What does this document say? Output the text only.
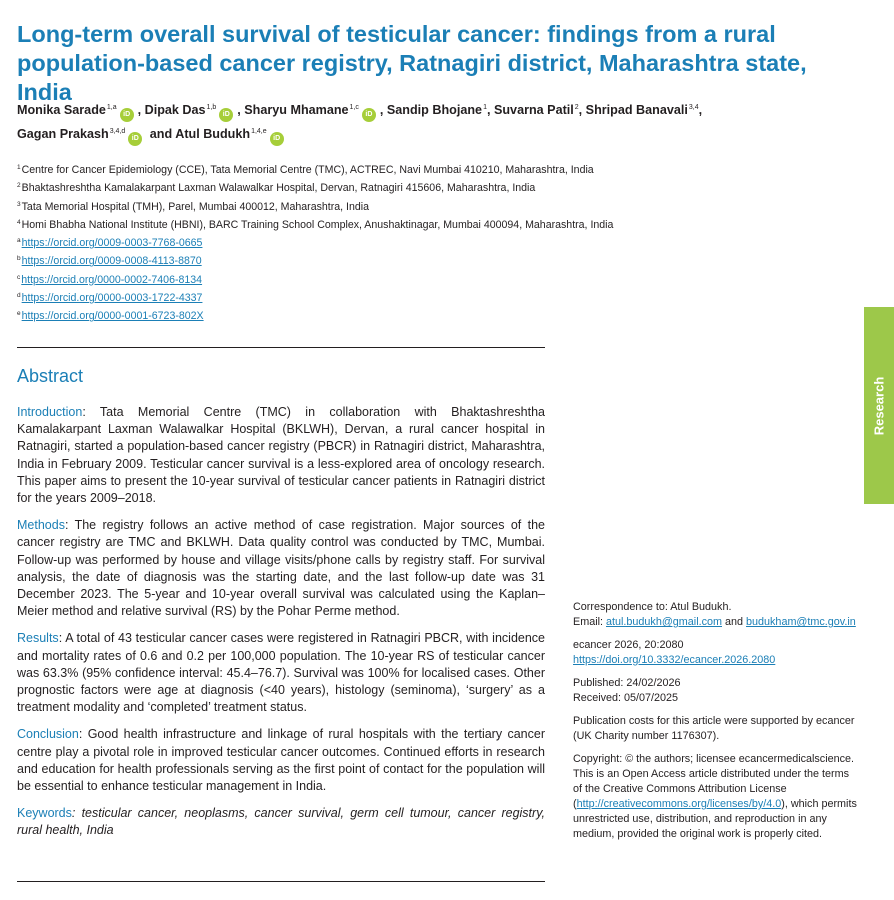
Long-term overall survival of testicular cancer: findings from a rural population-based cancer registry, Ratnagiri district, Maharashtra state, India
Monika Sarade$^{1,a}$iD , Dipak Das$^{1,b}$iD , Sharyu Mhamane$^{1,c}$iD , Sandip Bhojane$^1$, Suvarna Patil$^2$, Shripad Banavali$^{3,4}$, Gagan Prakash$^{3,4,d}$iD and Atul Budukh$^{1,4,e}$iD
$^1$Centre for Cancer Epidemiology (CCE), Tata Memorial Centre (TMC), ACTREC, Navi Mumbai 410210, Maharashtra, India
$^2$Bhaktashreshtha Kamalakarpant Laxman Walawalkar Hospital, Dervan, Ratnagiri 415606, Maharashtra, India
$^3$Tata Memorial Hospital (TMH), Parel, Mumbai 400012, Maharashtra, India
$^4$Homi Bhabha National Institute (HBNI), BARC Training School Complex, Anushaktinagar, Mumbai 400094, Maharashtra, India
$^a$https://orcid.org/0009-0003-7768-0665
$^b$https://orcid.org/0009-0008-4113-8870
$^c$https://orcid.org/0000-0002-7406-8134
$^d$https://orcid.org/0000-0003-1722-4337
$^e$https://orcid.org/0000-0001-6723-802X
Abstract

Introduction: Tata Memorial Centre (TMC) in collaboration with Bhaktashreshtha Kamalakarpant Laxman Walawalkar Hospital (BKLWH), Dervan, a rural cancer hospital in Ratnagiri, started a population-based cancer registry (PBCR) in Ratnagiri district, Maharashtra, India in February 2009. Testicular cancer survival is a less-explored area of oncology research. This paper aims to present the 10-year survival of testicular cancer patients in Ratnagiri district for the years 2009–2018.

Methods: The registry follows an active method of case registration. Major sources of the cancer registry are TMC and BKLWH. Data quality control was conducted by TMC, Mumbai. Follow-up was performed by house and village visits/phone calls by registry staff. For survival analysis, the date of diagnosis was the starting date, and the last follow-up date was 31 December 2023. The 5-year and 10-year overall survival was calculated using the Kaplan–Meier method and relative survival (RS) by the Pohar Perme method.

Results: A total of 43 testicular cancer cases were registered in Ratnagiri PBCR, with incidence and mortality rates of 0.6 and 0.2 per 100,000 population. The 10-year RS of testicular cancer was 63.3% (95% confidence interval: 45.4–76.7). Survival was 100% for localised cases. Other prognostic factors were age at diagnosis (<40 years), histology (seminoma), ‘surgery’ as a treatment modality and ‘completed’ treatment status.

Conclusion: Good health infrastructure and linkage of rural hospitals with the tertiary cancer centre play a pivotal role in improved testicular cancer outcomes. Continued efforts in research and education for health professionals serving as the first point of contact for the population will be essential to enhance testicular management in India.

Keywords: testicular cancer, neoplasms, cancer survival, germ cell tumour, cancer registry, rural health, India

Research
Correspondence to: Atul Budukh.
Email: atul.budukh@gmail.com and budukham@tmc.gov.in
ecancer 2026, 20:2080
https://doi.org/10.3332/ecancer.2026.2080
Published: 24/02/2026
Received: 05/07/2025
Publication costs for this article were supported by ecancer (UK Charity number 1176307).
Copyright: © the authors; licensee ecancermedicalscience. This is an Open Access article distributed under the terms of the Creative Commons Attribution License (http://creativecommons.org/licenses/by/4.0), which permits unrestricted use, distribution, and reproduction in any medium, provided the original work is properly cited.
